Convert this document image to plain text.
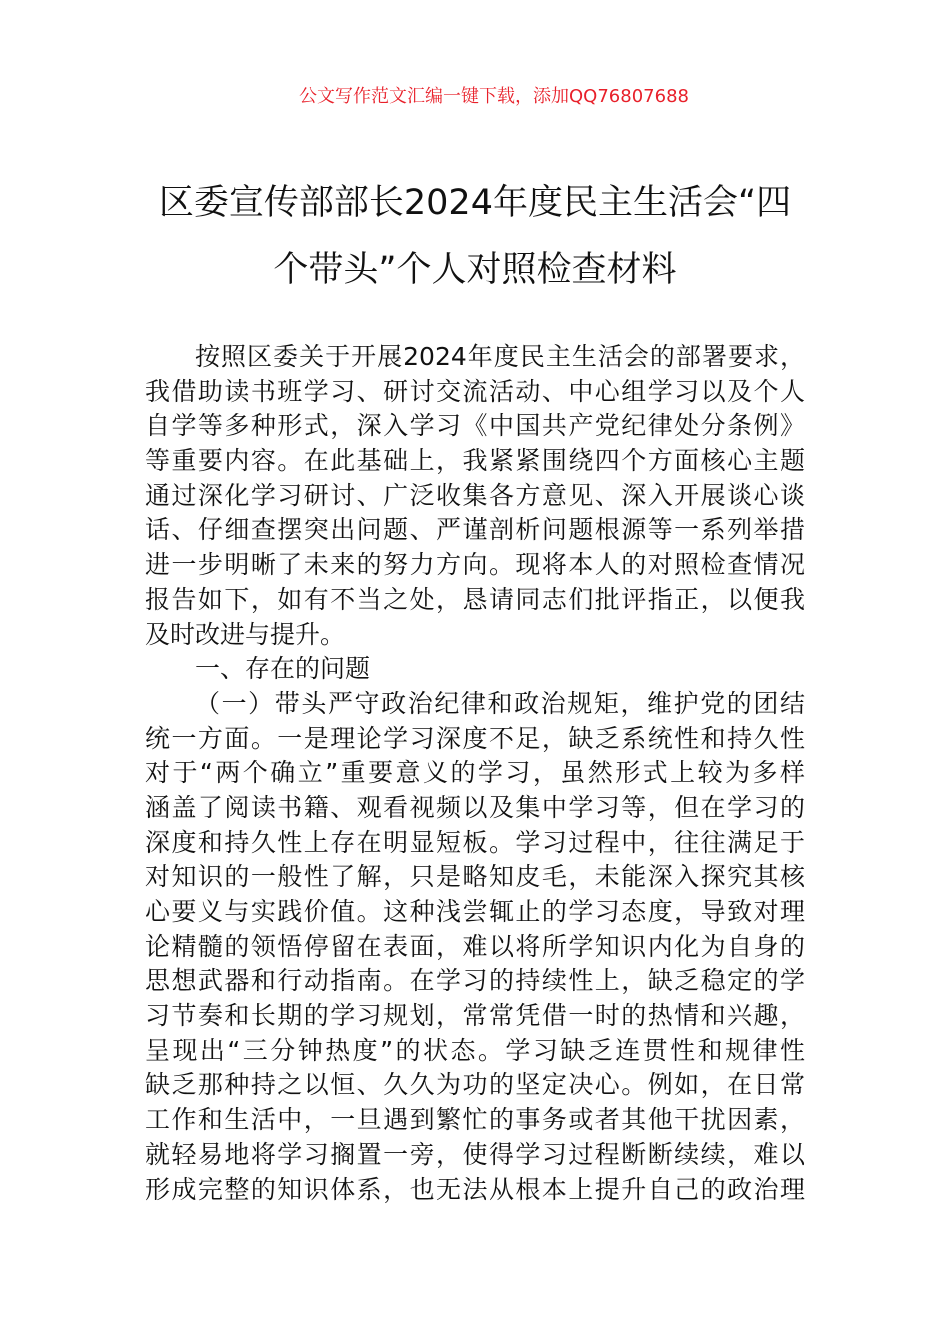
公文写作范文汇编一键下载，添加QQ76807688
区委宣传部部长2024年度民主生活会“四
个带头”个人对照检查材料
按照区委关于开展2024年度民主生活会的部署要求，
我借助读书班学习、研讨交流活动、中心组学习以及个人
自学等多种形式，深入学习《中国共产党纪律处分条例》
等重要内容。在此基础上，我紧紧围绕四个方面核心主题
通过深化学习研讨、广泛收集各方意见、深入开展谈心谈
话、仔细查摆突出问题、严谨剖析问题根源等一系列举措
进一步明晰了未来的努力方向。现将本人的对照检查情况
报告如下，如有不当之处，恳请同志们批评指正，以便我
及时改进与提升。
一、存在的问题
（一）带头严守政治纪律和政治规矩，维护党的团结
统一方面。一是理论学习深度不足，缺乏系统性和持久性
对于“两个确立”重要意义的学习，虽然形式上较为多样
涵盖了阅读书籍、观看视频以及集中学习等，但在学习的
深度和持久性上存在明显短板。学习过程中，往往满足于
对知识的一般性了解，只是略知皮毛，未能深入探究其核
心要义与实践价值。这种浅尝辄止的学习态度，导致对理
论精髓的领悟停留在表面，难以将所学知识内化为自身的
思想武器和行动指南。在学习的持续性上，缺乏稳定的学
习节奏和长期的学习规划，常常凭借一时的热情和兴趣，
呈现出“三分钟热度”的状态。学习缺乏连贯性和规律性
缺乏那种持之以恒、久久为功的坚定决心。例如，在日常
工作和生活中，一旦遇到繁忙的事务或者其他干扰因素，
就轻易地将学习搁置一旁，使得学习过程断断续续，难以
形成完整的知识体系，也无法从根本上提升自己的政治理
